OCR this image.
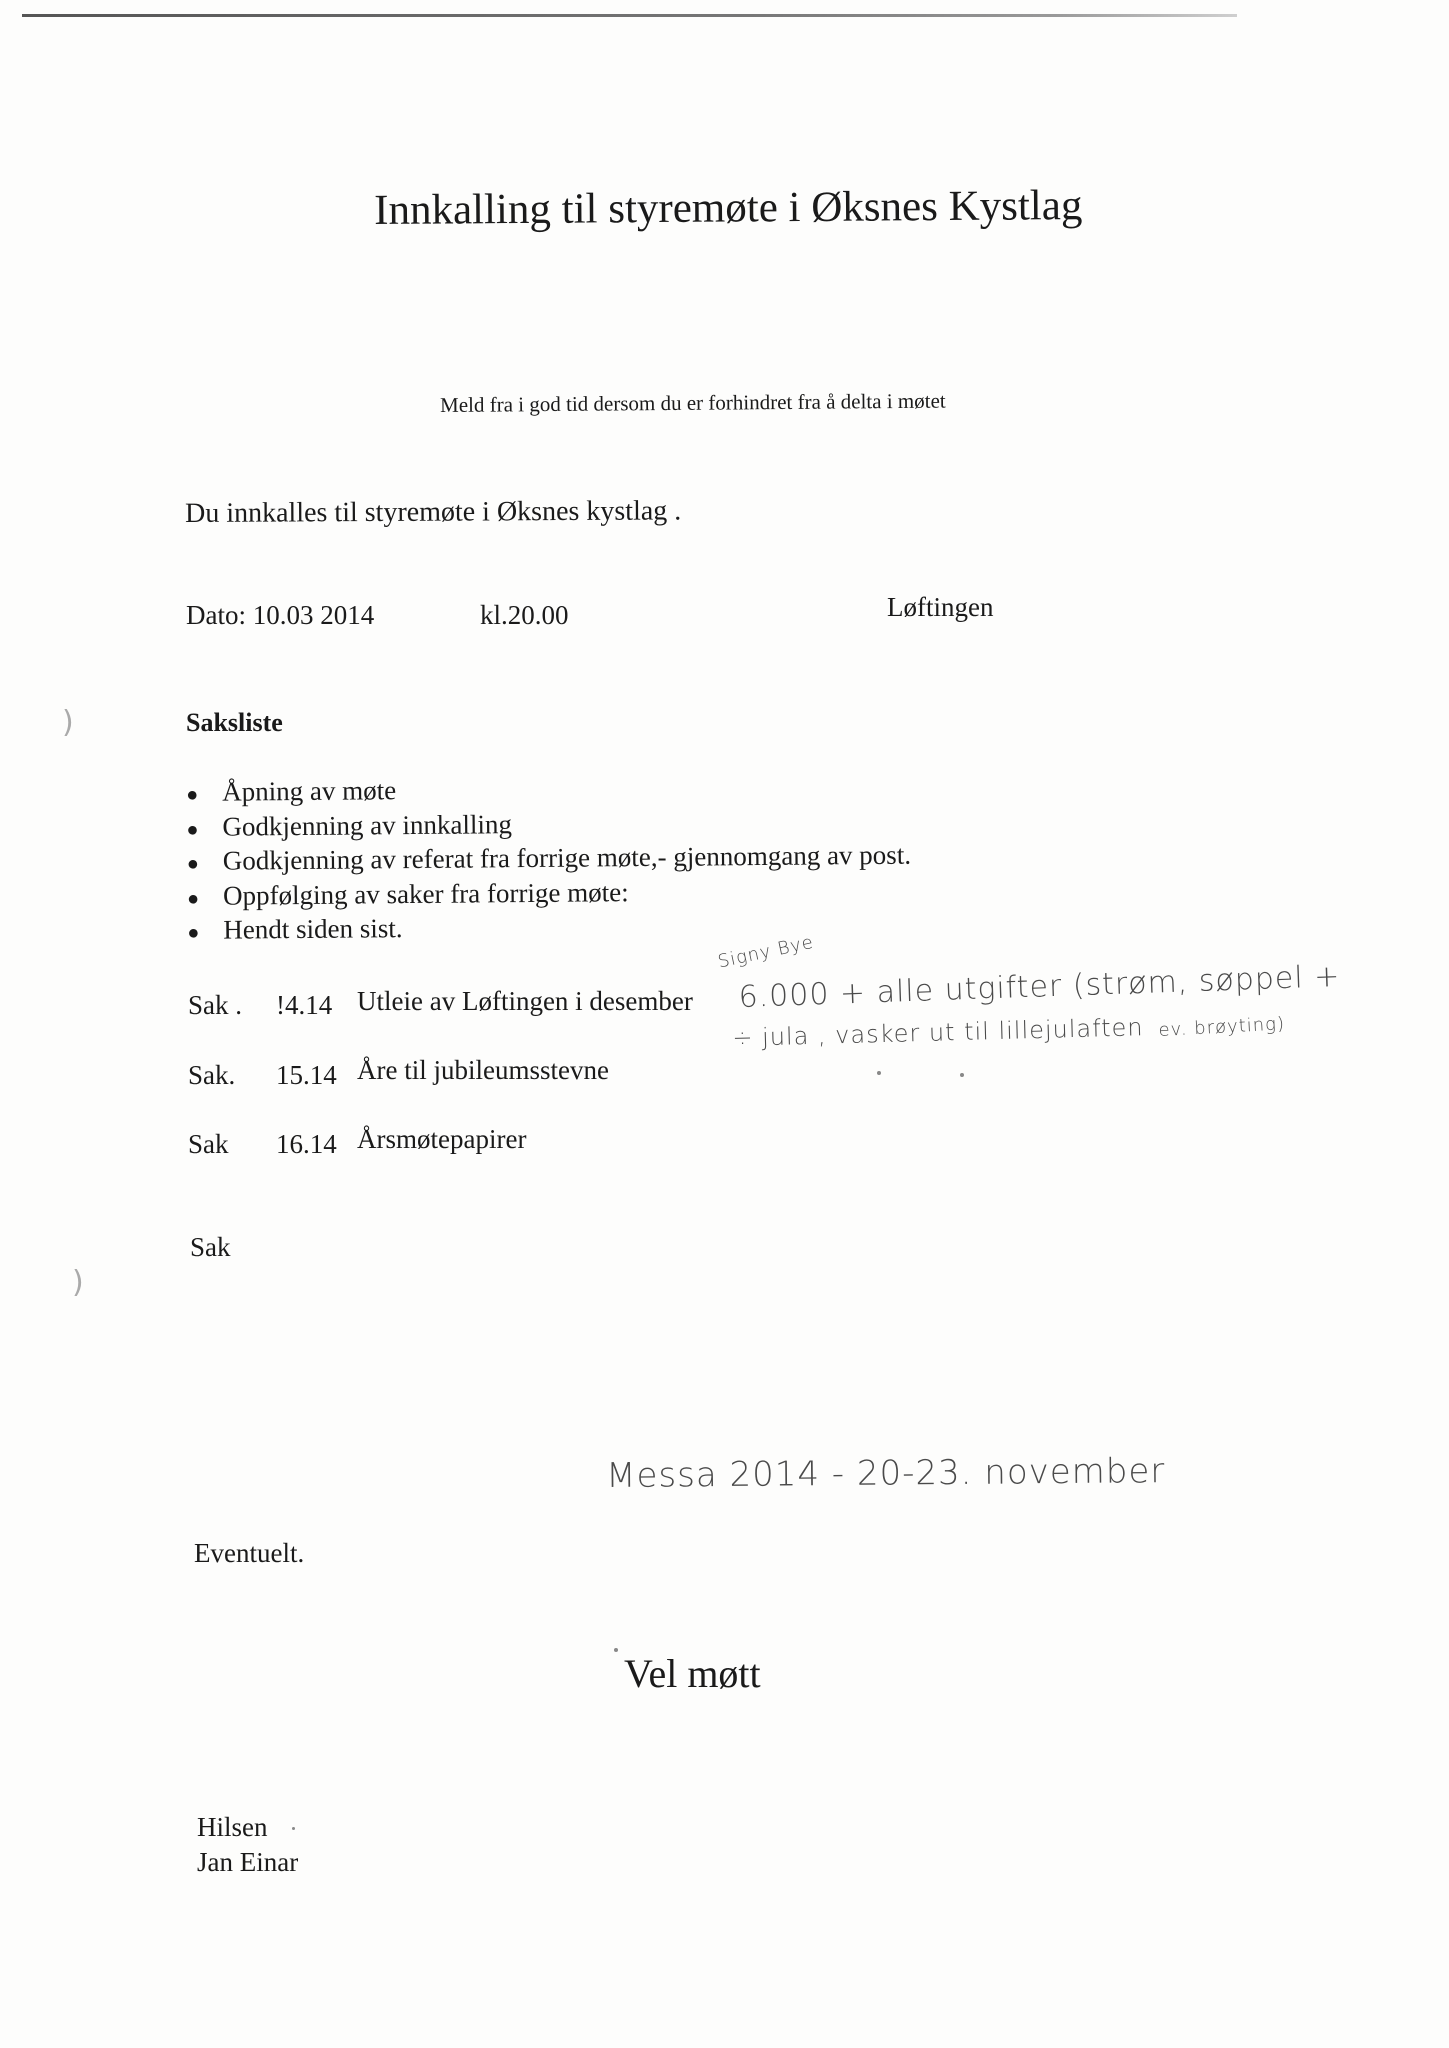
Innkalling til styremøte i Øksnes Kystlag
Meld fra i god tid dersom du er forhindret fra å delta i møtet
Du innkalles til styremøte i Øksnes kystlag .
Dato: 10.03 2014	kl.20.00	Løftingen
Saksliste
● Åpning av møte
● Godkjenning av innkalling
● Godkjenning av referat fra forrige møte,- gjennomgang av post.
● Oppfølging av saker fra forrige møte:
● Hendt siden sist.
Sak . !4.14 Utleie av Løftingen i desember
Sak. 15.14 Åre til jubileumsstevne
Sak 16.14 Årsmøtepapirer
Sak
Signy Bye
6.000 + alle utgifter (strøm, søppel +
ev. brøyting)
÷ jula , vasker ut til lillejulaften
Messa 2014 - 20-23. november
Eventuelt.
Vel møtt
Hilsen
Jan Einar
)
)
